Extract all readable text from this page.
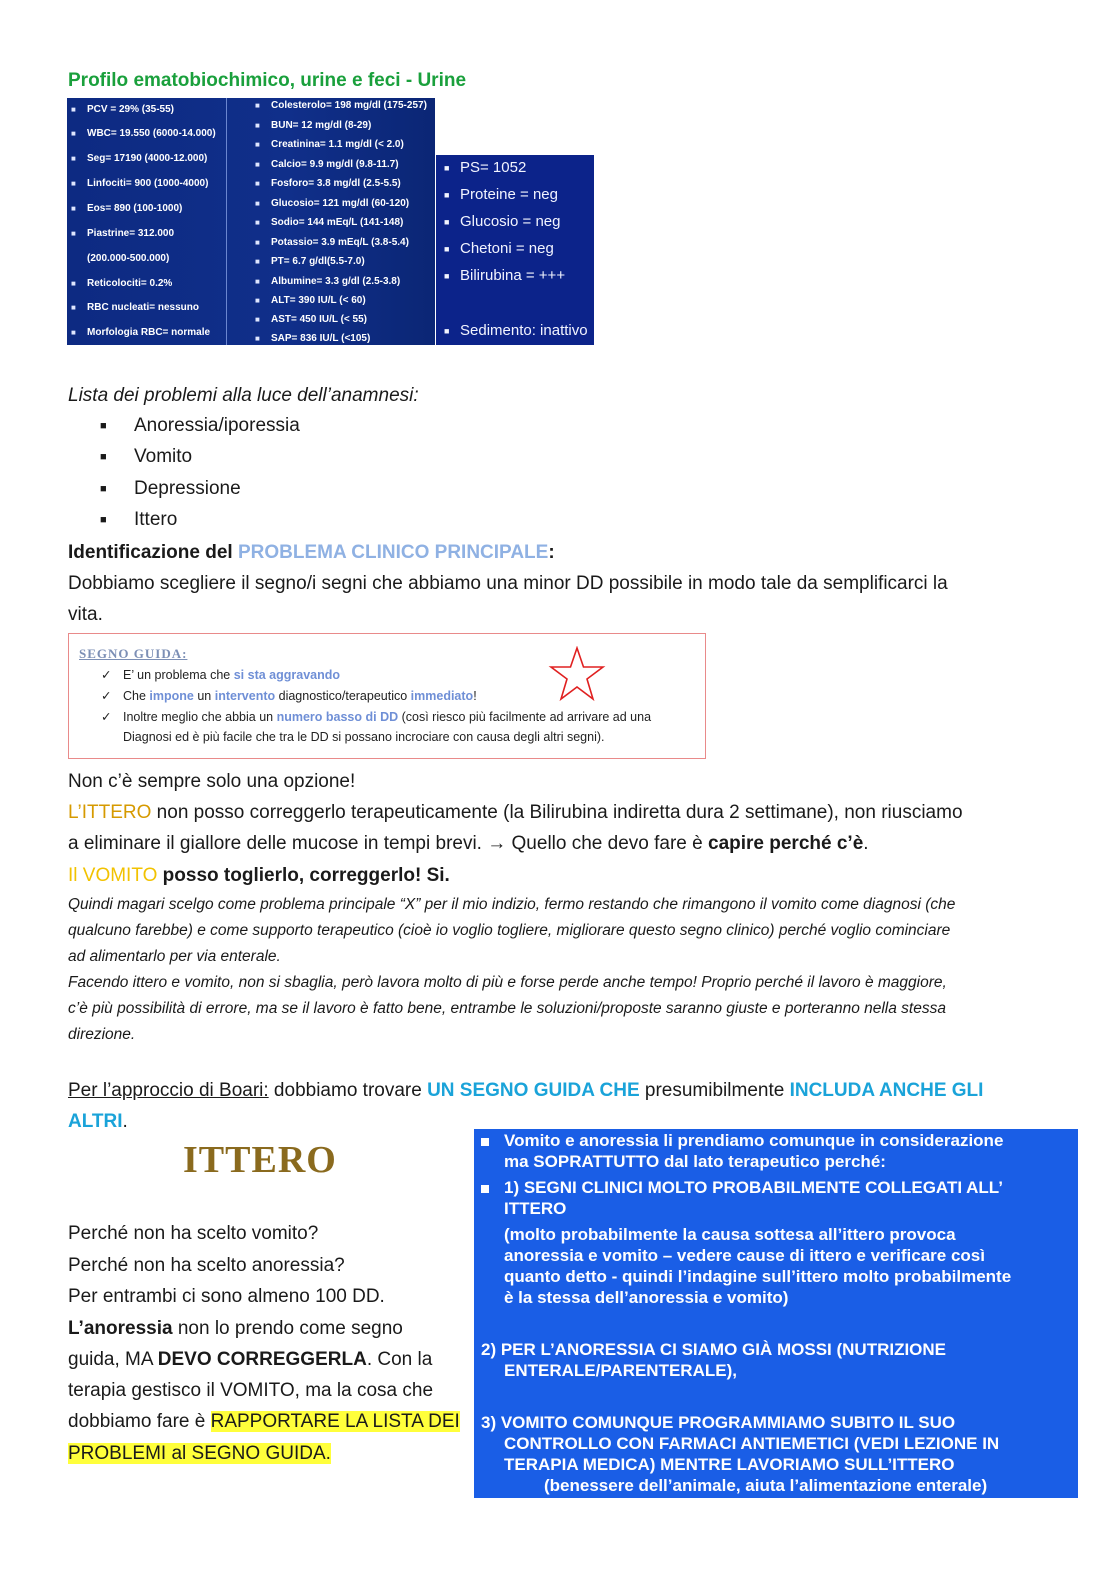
Profilo ematobiochimico, urine e feci - Urine
■	PCV = 29% (35-55)
■	WBC= 19.550 (6000-14.000)
■	Seg= 17190 (4000-12.000)
■	Linfociti= 900 (1000-4000)
■	Eos= 890 (100-1000)
■	Piastrine= 312.000
(200.000-500.000)
■	Reticolociti= 0.2%
■	RBC nucleati= nessuno
■	Morfologia RBC= normale
■	Colesterolo= 198 mg/dl (175-257)
■	BUN= 12 mg/dl (8-29)
■	Creatinina= 1.1 mg/dl (< 2.0)
■	Calcio= 9.9 mg/dl (9.8-11.7)
■	Fosforo= 3.8 mg/dl (2.5-5.5)
■	Glucosio= 121 mg/dl (60-120)
■	Sodio= 144 mEq/L (141-148)
■	Potassio= 3.9 mEq/L (3.8-5.4)
■	PT= 6.7 g/dl(5.5-7.0)
■	Albumine= 3.3 g/dl (2.5-3.8)
■	ALT= 390 IU/L (< 60)
■	AST= 450 IU/L (< 55)
■	SAP= 836 IU/L (<105)
■ PS= 1052
■ Proteine = neg
■ Glucosio = neg
■ Chetoni = neg
■ Bilirubina = +++
■ Sedimento: inattivo
Lista dei problemi alla luce dell’anamnesi:
■	Anoressia/iporessia
■	Vomito
■	Depressione
■	Ittero
Identificazione del PROBLEMA CLINICO PRINCIPALE:
Dobbiamo scegliere il segno/i segni che abbiamo una minor DD possibile in modo tale da semplificarci la
vita.
SEGNO GUIDA:
✓ E’ un problema che si sta aggravando
✓ Che impone un intervento diagnostico/terapeutico immediato!
✓ Inoltre meglio che abbia un numero basso di DD (così riesco più facilmente ad arrivare ad una
Diagnosi ed è più facile che tra le DD si possano incrociare con causa degli altri segni).
Non c’è sempre solo una opzione!
L’ITTERO non posso correggerlo terapeuticamente (la Bilirubina indiretta dura 2 settimane), non riusciamo
a eliminare il giallore delle mucose in tempi brevi. → Quello che devo fare è capire perché c’è.
Il VOMITO posso toglierlo, correggerlo! Si.
Quindi magari scelgo come problema principale “X” per il mio indizio, fermo restando che rimangono il vomito come diagnosi (che
qualcuno farebbe) e come supporto terapeutico (cioè io voglio togliere, migliorare questo segno clinico) perché voglio cominciare
ad alimentarlo per via enterale.
Facendo ittero e vomito, non si sbaglia, però lavora molto di più e forse perde anche tempo! Proprio perché il lavoro è maggiore,
c’è più possibilità di errore, ma se il lavoro è fatto bene, entrambe le soluzioni/proposte saranno giuste e porteranno nella stessa
direzione.
Per l’approccio di Boari: dobbiamo trovare UN SEGNO GUIDA CHE presumibilmente INCLUDA ANCHE GLI
ALTRI.
ITTERO
Perché non ha scelto vomito?
Perché non ha scelto anoressia?
Per entrambi ci sono almeno 100 DD.
L’anoressia non lo prendo come segno
guida, MA DEVO CORREGGERLA. Con la
terapia gestisco il VOMITO, ma la cosa che
dobbiamo fare è RAPPORTARE LA LISTA DEI
PROBLEMI al SEGNO GUIDA.
Vomito e anoressia li prendiamo comunque in considerazione
ma SOPRATTUTTO dal lato terapeutico perché:
1) SEGNI CLINICI MOLTO PROBABILMENTE COLLEGATI ALL’
ITTERO
(molto probabilmente la causa sottesa all’ittero provoca
anoressia e vomito – vedere cause di ittero e verificare così
quanto detto - quindi l’indagine sull’ittero molto probabilmente
è la stessa dell’anoressia e vomito)
2) PER L’ANORESSIA CI SIAMO GIÀ MOSSI (NUTRIZIONE
ENTERALE/PARENTERALE),
3) VOMITO COMUNQUE PROGRAMMIAMO SUBITO IL SUO
CONTROLLO CON FARMACI ANTIEMETICI (VEDI LEZIONE IN
TERAPIA MEDICA) MENTRE LAVORIAMO SULL’ITTERO
(benessere dell’animale, aiuta l’alimentazione enterale)
